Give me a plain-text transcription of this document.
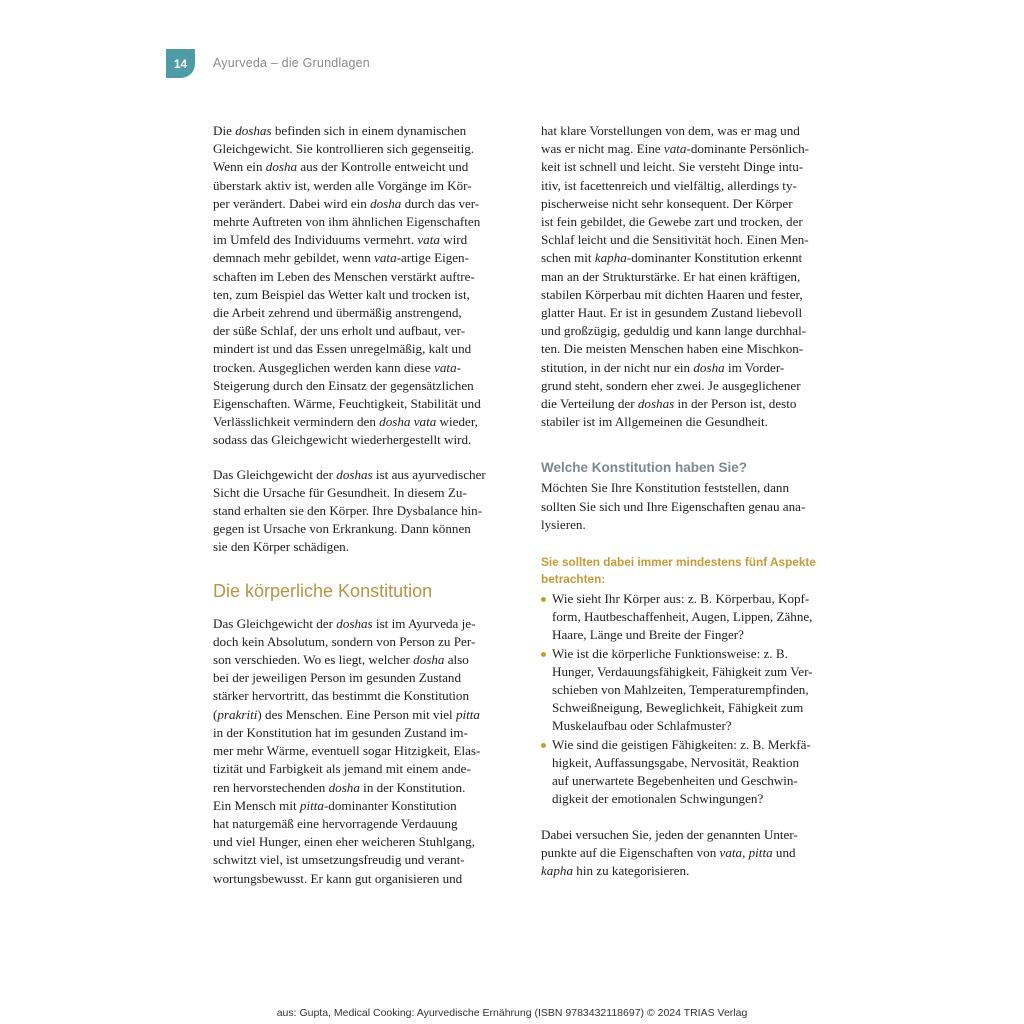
14	Ayurveda – die Grundlagen

Die doshas befinden sich in einem dynamischen
Gleichgewicht. Sie kontrollieren sich gegenseitig.
Wenn ein dosha aus der Kontrolle entweicht und
überstark aktiv ist, werden alle Vorgänge im Kör-
per verändert. Dabei wird ein dosha durch das ver-
mehrte Auftreten von ihm ähnlichen Eigenschaften
im Umfeld des Individuums vermehrt. vata wird
demnach mehr gebildet, wenn vata-artige Eigen-
schaften im Leben des Menschen verstärkt auftre-
ten, zum Beispiel das Wetter kalt und trocken ist,
die Arbeit zehrend und übermäßig anstrengend,
der süße Schlaf, der uns erholt und aufbaut, ver-
mindert ist und das Essen unregelmäßig, kalt und
trocken. Ausgeglichen werden kann diese vata-
Steigerung durch den Einsatz der gegensätzlichen
Eigenschaften. Wärme, Feuchtigkeit, Stabilität und
Verlässlichkeit vermindern den dosha vata wieder,
sodass das Gleichgewicht wiederhergestellt wird.

Das Gleichgewicht der doshas ist aus ayurvedischer
Sicht die Ursache für Gesundheit. In diesem Zu-
stand erhalten sie den Körper. Ihre Dysbalance hin-
gegen ist Ursache von Erkrankung. Dann können
sie den Körper schädigen.

Die körperliche Konstitution

Das Gleichgewicht der doshas ist im Ayurveda je-
doch kein Absolutum, sondern von Person zu Per-
son verschieden. Wo es liegt, welcher dosha also
bei der jeweiligen Person im gesunden Zustand
stärker hervortritt, das bestimmt die Konstitution
(prakriti) des Menschen. Eine Person mit viel pitta
in der Konstitution hat im gesunden Zustand im-
mer mehr Wärme, eventuell sogar Hitzigkeit, Elas-
tizität und Farbigkeit als jemand mit einem ande-
ren hervorstechenden dosha in der Konstitution.
Ein Mensch mit pitta-dominanter Konstitution
hat naturgemäß eine hervorragende Verdauung
und viel Hunger, einen eher weicheren Stuhlgang,
schwitzt viel, ist umsetzungsfreudig und verant-
wortungsbewusst. Er kann gut organisieren und

hat klare Vorstellungen von dem, was er mag und
was er nicht mag. Eine vata-dominante Persönlich-
keit ist schnell und leicht. Sie versteht Dinge intu-
itiv, ist facettenreich und vielfältig, allerdings ty-
pischerweise nicht sehr konsequent. Der Körper
ist fein gebildet, die Gewebe zart und trocken, der
Schlaf leicht und die Sensitivität hoch. Einen Men-
schen mit kapha-dominanter Konstitution erkennt
man an der Strukturstärke. Er hat einen kräftigen,
stabilen Körperbau mit dichten Haaren und fester,
glatter Haut. Er ist in gesundem Zustand liebevoll
und großzügig, geduldig und kann lange durchhal-
ten. Die meisten Menschen haben eine Mischkon-
stitution, in der nicht nur ein dosha im Vorder-
grund steht, sondern eher zwei. Je ausgeglichener
die Verteilung der doshas in der Person ist, desto
stabiler ist im Allgemeinen die Gesundheit.

Welche Konstitution haben Sie?

Möchten Sie Ihre Konstitution feststellen, dann
sollten Sie sich und Ihre Eigenschaften genau ana-
lysieren.

Sie sollten dabei immer mindestens fünf Aspekte
betrachten:

Wie sieht Ihr Körper aus: z. B. Körperbau, Kopf-
form, Hautbeschaffenheit, Augen, Lippen, Zähne,
Haare, Länge und Breite der Finger?
Wie ist die körperliche Funktionsweise: z. B.
Hunger, Verdauungsfähigkeit, Fähigkeit zum Ver-
schieben von Mahlzeiten, Temperaturempfinden,
Schweißneigung, Beweglichkeit, Fähigkeit zum
Muskelaufbau oder Schlafmuster?
Wie sind die geistigen Fähigkeiten: z. B. Merkfä-
higkeit, Auffassungsgabe, Nervosität, Reaktion
auf unerwartete Begebenheiten und Geschwin-
digkeit der emotionalen Schwingungen?

Dabei versuchen Sie, jeden der genannten Unter-
punkte auf die Eigenschaften von vata, pitta und
kapha hin zu kategorisieren.

aus: Gupta, Medical Cooking: Ayurvedische Ernährung (ISBN 9783432118697) © 2024 TRIAS Verlag
